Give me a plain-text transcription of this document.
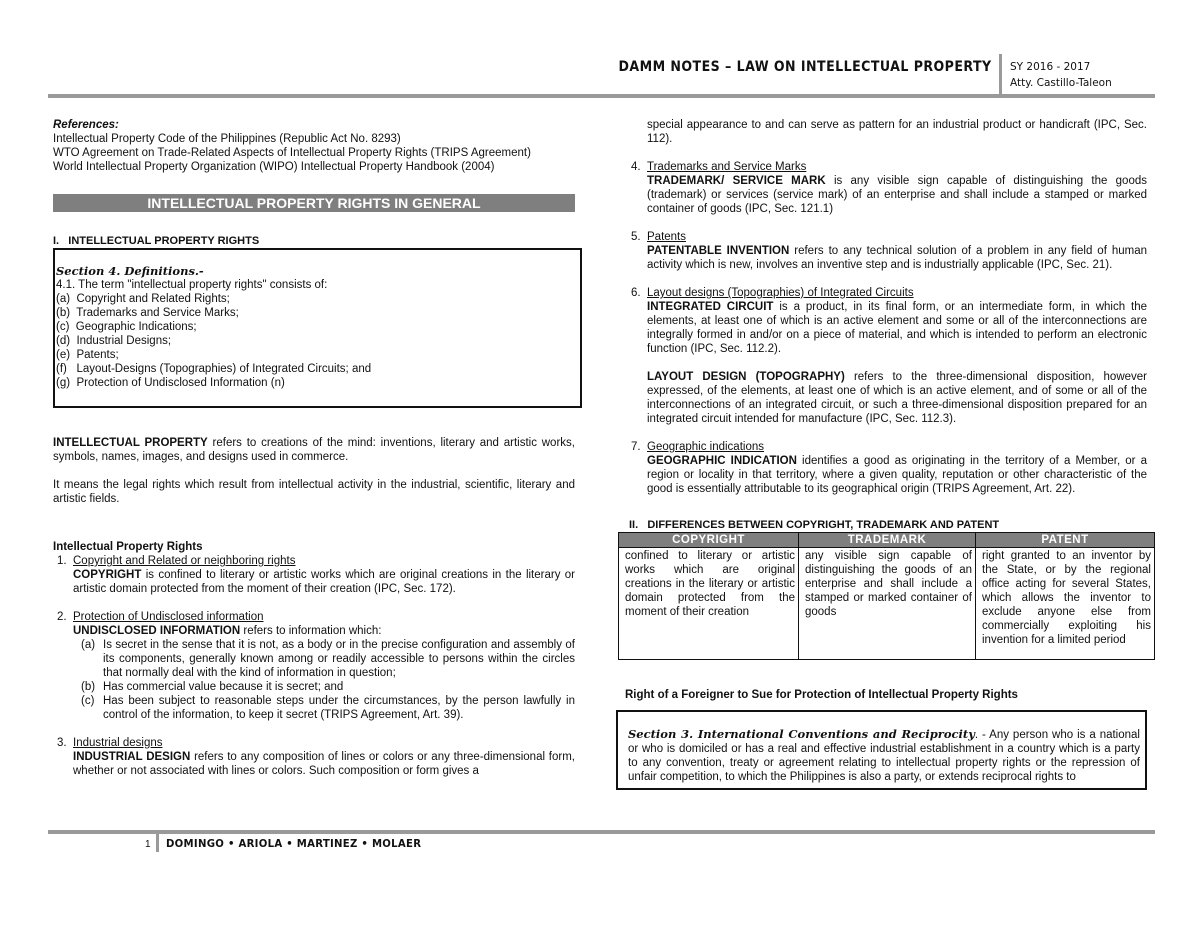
DAMM NOTES – LAW ON INTELLECTUAL PROPERTY SY 2016 - 2017
Atty. Castillo-Taleon

References:

Intellectual Property Code of the Philippines (Republic Act No. 8293)

WTO Agreement on Trade-Related Aspects of Intellectual Property Rights (TRIPS Agreement)

World Intellectual Property Organization (WIPO) Intellectual Property Handbook (2004)

INTELLECTUAL PROPERTY RIGHTS IN GENERAL

I.   INTELLECTUAL PROPERTY RIGHTS

Section 4. Definitions.-

4.1. The term "intellectual property rights" consists of:

(a)  Copyright and Related Rights;

(b)  Trademarks and Service Marks;

(c)  Geographic Indications;

(d)  Industrial Designs;

(e)  Patents;

(f)   Layout-Designs (Topographies) of Integrated Circuits; and

(g)  Protection of Undisclosed Information (n)

INTELLECTUAL PROPERTY refers to creations of the mind: inventions, literary and artistic works, symbols, names, images, and designs used in commerce.

It means the legal rights which result from intellectual activity in the industrial, scientific, literary and artistic fields.

Intellectual Property Rights

1. Copyright and Related or neighboring rights

COPYRIGHT is confined to literary or artistic works which are original creations in the literary or artistic domain protected from the moment of their creation (IPC, Sec. 172).

2. Protection of Undisclosed information

UNDISCLOSED INFORMATION refers to information which:

(a) Is secret in the sense that it is not, as a body or in the precise configuration and assembly of its components, generally known among or readily accessible to persons within the circles that normally deal with the kind of information in question;

(b) Has commercial value because it is secret; and

(c) Has been subject to reasonable steps under the circumstances, by the person lawfully in control of the information, to keep it secret (TRIPS Agreement, Art. 39).

3. Industrial designs

INDUSTRIAL DESIGN refers to any composition of lines or colors or any three-dimensional form, whether or not associated with lines or colors. Such composition or form gives a

special appearance to and can serve as pattern for an industrial product or handicraft (IPC, Sec. 112).

4. Trademarks and Service Marks

TRADEMARK/ SERVICE MARK is any visible sign capable of distinguishing the goods (trademark) or services (service mark) of an enterprise and shall include a stamped or marked container of goods (IPC, Sec. 121.1)

5. Patents

PATENTABLE INVENTION refers to any technical solution of a problem in any field of human activity which is new, involves an inventive step and is industrially applicable (IPC, Sec. 21).

6. Layout designs (Topographies) of Integrated Circuits

INTEGRATED CIRCUIT is a product, in its final form, or an intermediate form, in which the elements, at least one of which is an active element and some or all of the interconnections are integrally formed in and/or on a piece of material, and which is intended to perform an electronic function (IPC, Sec. 112.2).

LAYOUT DESIGN (TOPOGRAPHY) refers to the three-dimensional disposition, however expressed, of the elements, at least one of which is an active element, and of some or all of the interconnections of an integrated circuit, or such a three-dimensional disposition prepared for an integrated circuit intended for manufacture (IPC, Sec. 112.3).

7. Geographic indications

GEOGRAPHIC INDICATION identifies a good as originating in the territory of a Member, or a region or locality in that territory, where a given quality, reputation or other characteristic of the good is essentially attributable to its geographical origin (TRIPS Agreement, Art. 22).

II.   DIFFERENCES BETWEEN COPYRIGHT, TRADEMARK AND PATENT

COPYRIGHT	TRADEMARK	PATENT
confined to literary or artistic works which are original creations in the literary or artistic domain protected from the moment of their creation	any visible sign capable of distinguishing the goods of an enterprise and shall include a stamped or marked container of goods	right granted to an inventor by the State, or by the regional office acting for several States, which allows the inventor to exclude anyone else from commercially exploiting his invention for a limited period

Right of a Foreigner to Sue for Protection of Intellectual Property Rights

Section 3. International Conventions and Reciprocity. - Any person who is a national or who is domiciled or has a real and effective industrial establishment in a country which is a party to any convention, treaty or agreement relating to intellectual property rights or the repression of unfair competition, to which the Philippines is also a party, or extends reciprocal rights to

1 DOMINGO • ARIOLA • MARTINEZ • MOLAER
